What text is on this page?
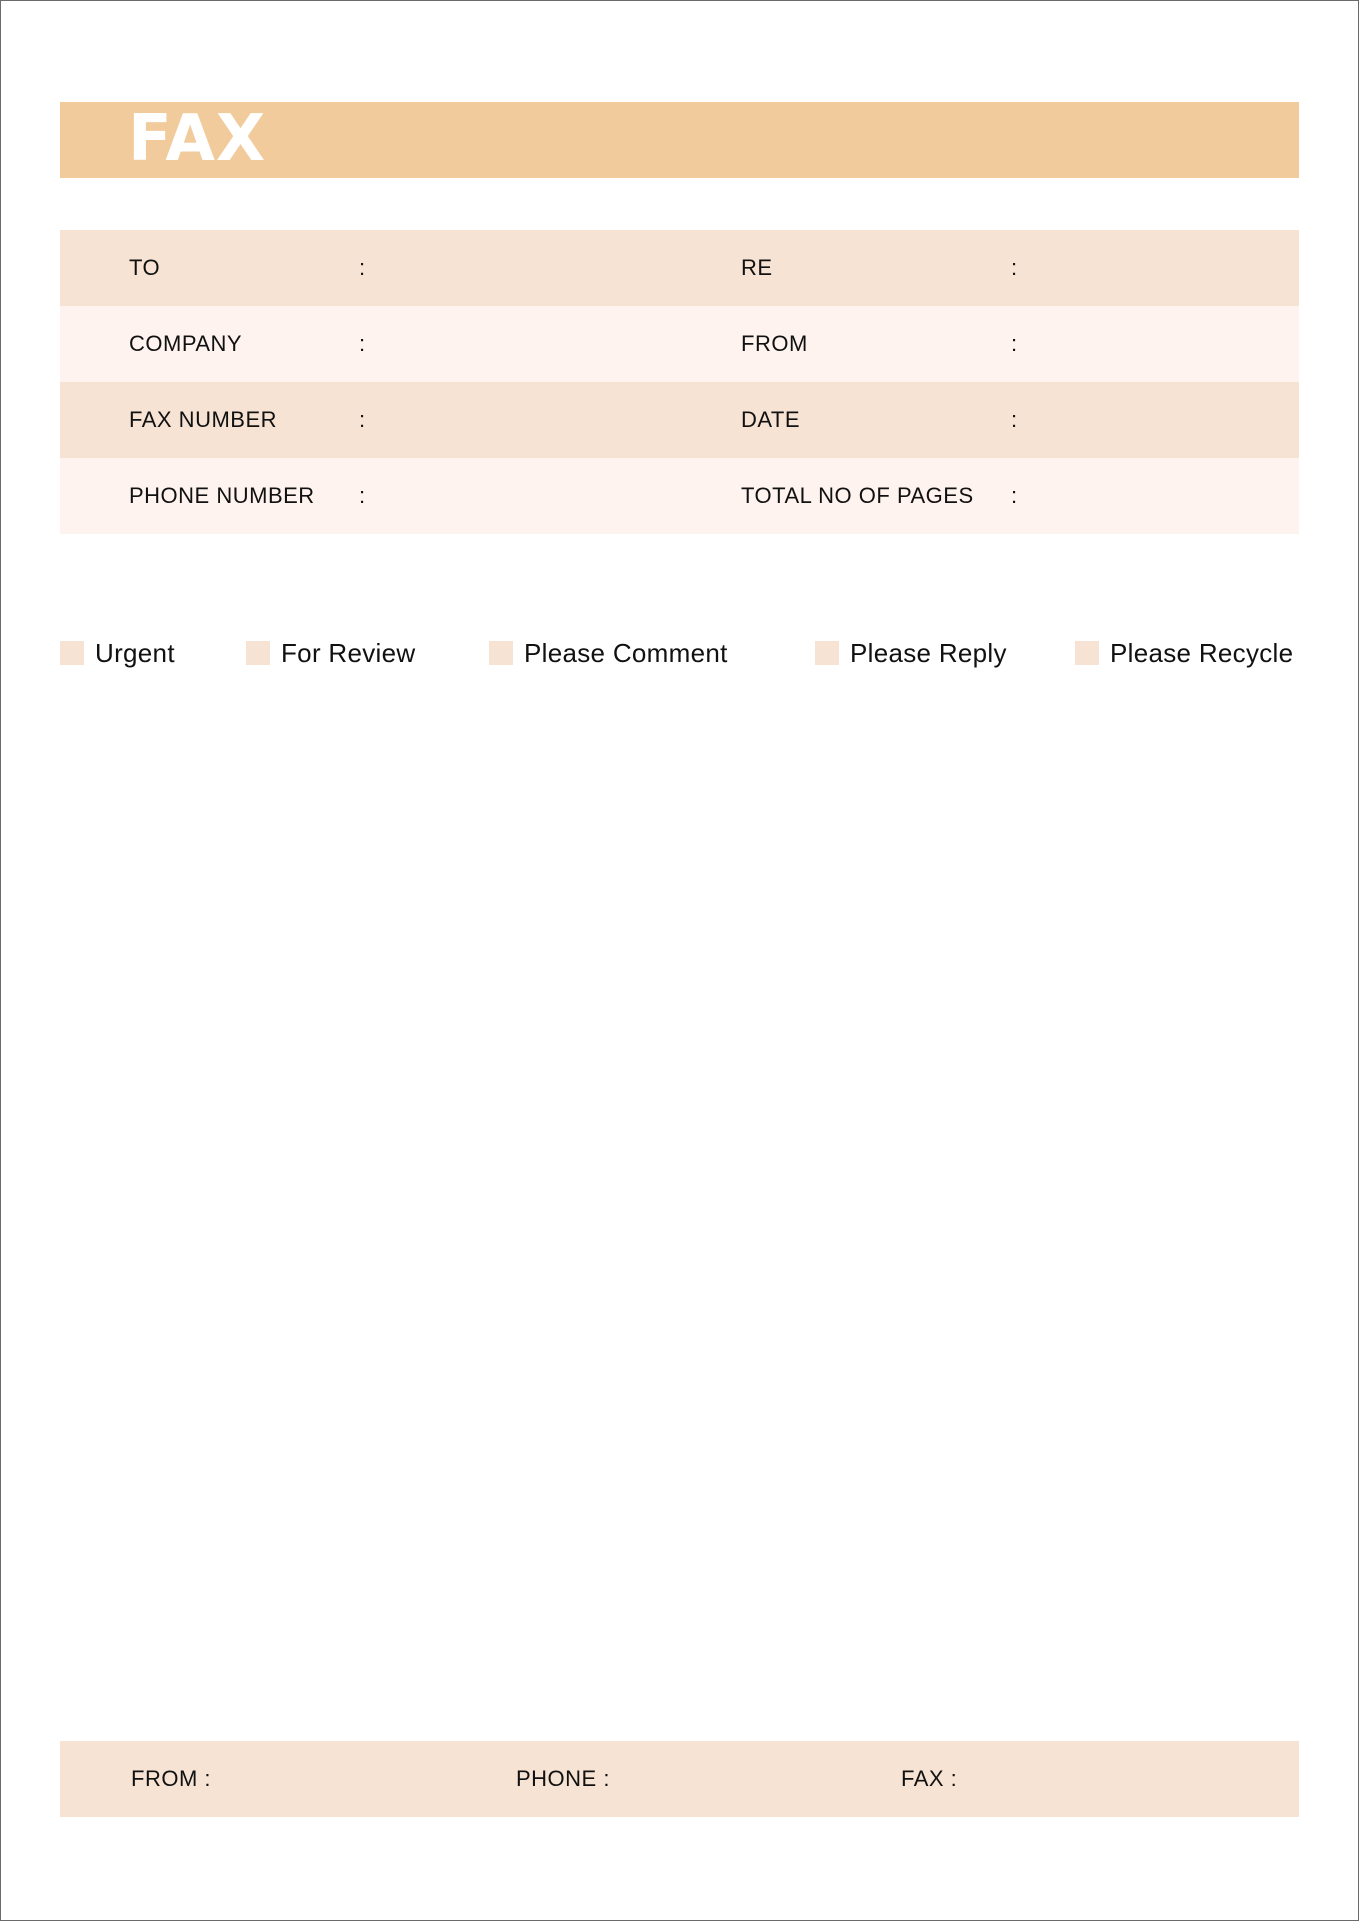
FAX
TO	:	RE	:
COMPANY	:	FROM	:
FAX NUMBER	:	DATE	:
PHONE NUMBER :	TOTAL NO OF PAGES :
Urgent	For Review	Please Comment	Please Reply	Please Recycle
FROM :	PHONE :	FAX :
